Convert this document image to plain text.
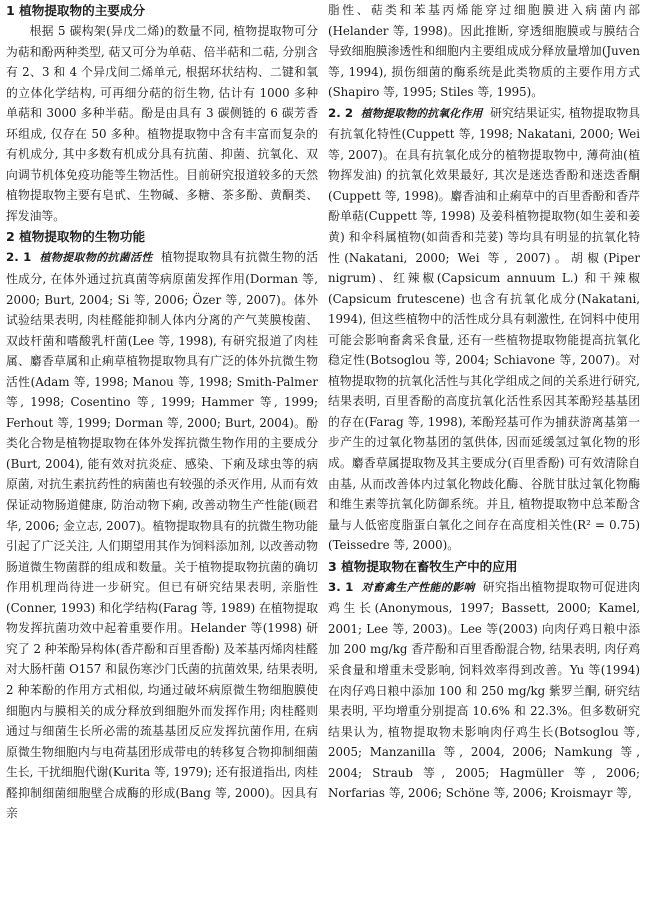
1 植物提取物的主要成分

根据 5 碳构架(异戊二烯)的数量不同, 植物提取物可分为萜和酚两种类型, 萜又可分为单萜、倍半萜和二萜, 分别含有 2、3 和 4 个异戊间二烯单元, 根据环状结构、二键和氧的立体化学结构, 可再细分萜的衍生物, 估计有 1000 多种单萜和 3000 多种半萜。酚是由具有 3 碳侧链的 6 碳芳香环组成, 仅存在 50 多种。植物提取物中含有丰富而复杂的有机成分, 其中多数有机成分具有抗菌、抑菌、抗氧化、双向调节机体免疫功能等生物活性。目前研究报道较多的天然植物提取物主要有皂甙、生物碱、多糖、茶多酚、黄酮类、挥发油等。

2 植物提取物的生物功能

2. 1 植物提取物的抗菌活性 植物提取物具有抗微生物的活性成分, 在体外通过抗真菌等病原菌发挥作用(Dorman 等, 2000; Burt, 2004; Si 等, 2006; Özer 等, 2007)。体外试验结果表明, 肉桂醛能抑制人体内分离的产气荚膜梭菌、双歧杆菌和嗜酸乳杆菌(Lee 等, 1998), 有研究报道了肉桂属、麝香草属和止痢草植物提取物具有广泛的体外抗微生物活性(Adam 等, 1998; Manou 等, 1998; Smith-Palmer 等, 1998; Cosentino 等, 1999; Hammer 等, 1999; Ferhout 等, 1999; Dorman 等, 2000; Burt, 2004)。酚类化合物是植物提取物在体外发挥抗微生物作用的主要成分(Burt, 2004), 能有效对抗炎症、感染、下痢及球虫等的病原菌, 对抗生素抗药性的病菌也有较强的杀灭作用, 从而有效保证动物肠道健康, 防治动物下痢, 改善动物生产性能(顾君华, 2006; 金立志, 2007)。植物提取物具有的抗微生物功能引起了广泛关注, 人们期望用其作为饲料添加剂, 以改善动物肠道微生物菌群的组成和数量。关于植物提取物抗菌的确切作用机理尚待进一步研究。但已有研究结果表明, 亲脂性(Conner, 1993) 和化学结构(Farag 等, 1989) 在植物提取物发挥抗菌功效中起着重要作用。Helander 等(1998) 研究了 2 种苯酚异构体(香芹酚和百里香酚) 及苯基丙烯肉桂醛对大肠杆菌 O157 和鼠伤寒沙门氏菌的抗菌效果, 结果表明, 2 种苯酚的作用方式相似, 均通过破坏病原微生物细胞膜使细胞内与膜相关的成分释放到细胞外而发挥作用; 肉桂醛则通过与细菌生长所必需的巯基基团反应发挥抗菌作用, 在病原微生物细胞内与电荷基团形成带电的转移复合物抑制细菌生长, 干扰细胞代谢(Kurita 等, 1979); 还有报道指出, 肉桂醛抑制细菌细胞壁合成酶的形成(Bang 等, 2000)。因具有亲

脂性、萜类和苯基丙烯能穿过细胞膜进入病菌内部(Helander 等, 1998)。因此推断, 穿透细胞膜或与膜结合导致细胞膜渗透性和细胞内主要组成成分释放量增加(Juven 等, 1994), 损伤细菌的酶系统是此类物质的主要作用方式(Shapiro 等, 1995; Stiles 等, 1995)。

2. 2 植物提取物的抗氧化作用 研究结果证实, 植物提取物具有抗氧化特性(Cuppett 等, 1998; Nakatani, 2000; Wei 等, 2007)。在具有抗氧化成分的植物提取物中, 薄荷油(植物挥发油) 的抗氧化效果最好, 其次是迷迭香酚和迷迭香酮(Cuppett 等, 1998)。麝香油和止痢草中的百里香酚和香芹酚单萜(Cuppett 等, 1998) 及姜科植物提取物(如生姜和姜黄) 和伞科属植物(如茴香和芫荽) 等均具有明显的抗氧化特性(Nakatani, 2000; Wei 等, 2007)。胡椒(Piper nigrum)、红辣椒(Capsicum annuum L.) 和干辣椒(Capsicum frutescene) 也含有抗氧化成分(Nakatani, 1994), 但这些植物中的活性成分具有刺激性, 在饲料中使用可能会影响畜禽采食量, 还有一些植物提取物能提高抗氧化稳定性(Botsoglou 等, 2004; Schiavone 等, 2007)。对植物提取物的抗氧化活性与其化学组成之间的关系进行研究, 结果表明, 百里香酚的高度抗氧化活性系因其苯酚羟基基团的存在(Farag 等, 1998), 苯酚羟基可作为捕获游离基第一步产生的过氧化物基团的氢供体, 因而延缓氢过氧化物的形成。麝香草属提取物及其主要成分(百里香酚) 可有效清除自由基, 从而改善体内过氧化物歧化酶、谷胱甘肽过氧化物酶和维生素等抗氧化防御系统。并且, 植物提取物中总苯酚含量与人低密度脂蛋白氧化之间存在高度相关性(R² = 0.75) (Teissedre 等, 2000)。

3 植物提取物在畜牧生产中的应用

3. 1 对畜禽生产性能的影响 研究指出植物提取物可促进肉鸡生长(Anonymous, 1997; Bassett, 2000; Kamel, 2001; Lee 等, 2003)。Lee 等(2003) 向肉仔鸡日粮中添加 200 mg/kg 香芹酚和百里香酚混合物, 结果表明, 肉仔鸡采食量和增重未受影响, 饲料效率得到改善。Yu 等(1994) 在肉仔鸡日粮中添加 100 和 250 mg/kg 紫罗兰酮, 研究结果表明, 平均增重分别提高 10.6% 和 22.3%。但多数研究结果认为, 植物提取物未影响肉仔鸡生长(Botsoglou 等, 2005; Manzanilla 等, 2004, 2006; Namkung 等, 2004; Straub 等, 2005; Hagmüller 等, 2006; Norfarias 等, 2006; Schöne 等, 2006; Kroismayr 等,
